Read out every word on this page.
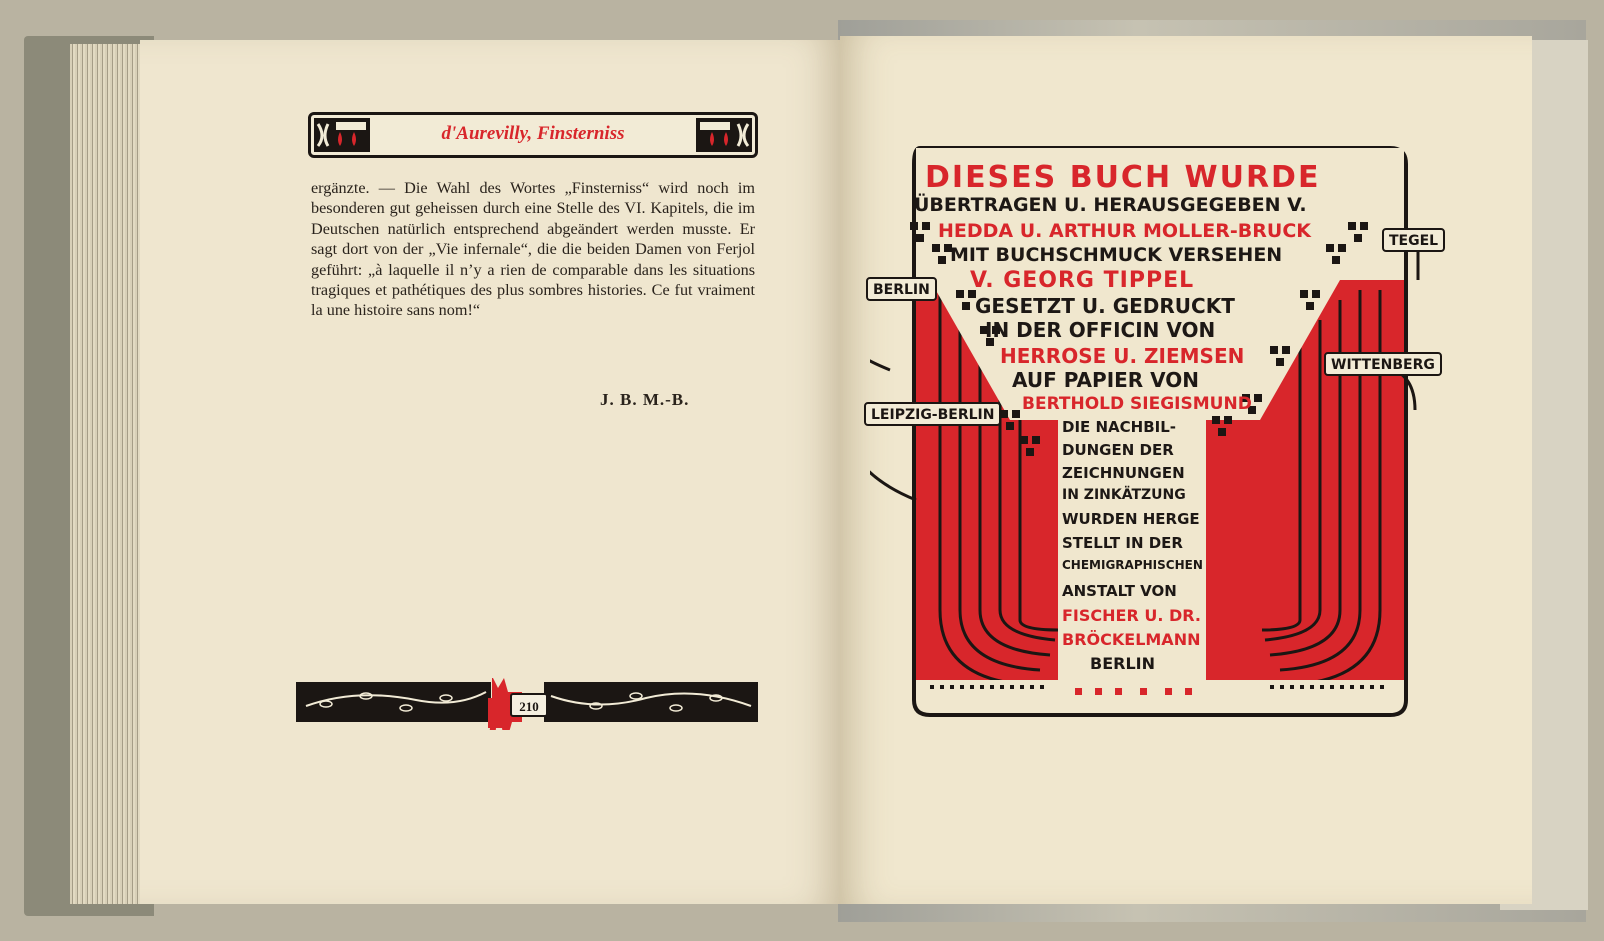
d'Aurevilly, Finsterniss

ergänzte. — Die Wahl des Wortes „Finsterniss“ wird noch im besonderen gut geheissen durch eine Stelle des VI. Kapitels, die im Deutschen natürlich entsprechend abgeändert werden musste. Er sagt dort von der „Vie infernale“, die die beiden Damen von Ferjol geführt: „à laquelle il n’y a rien de comparable dans les situations tragiques et pathétiques des plus sombres histories. Ce fut vraiment la une histoire sans nom!“

J. B. M.-B.
210
DIESES BUCH WURDE
ÜBERTRAGEN U. HERAUSGEGEBEN V.
HEDDA U. ARTHUR MOLLER-BRUCK
MIT BUCHSCHMUCK VERSEHEN
V. GEORG TIPPEL
GESETZT U. GEDRUCKT
IN DER OFFICIN VON
HERROSE U. ZIEMSEN
AUF PAPIER VON
BERTHOLD SIEGISMUND
DIE NACHBIL-
DUNGEN DER
ZEICHNUNGEN
IN ZINKÄTZUNG
WURDEN HERGE
STELLT IN DER
CHEMIGRAPHISCHEN
ANSTALT VON
FISCHER U. DR.
BRÖCKELMANN
BERLIN
TEGEL
BERLIN
WITTENBERG
LEIPZIG-BERLIN
